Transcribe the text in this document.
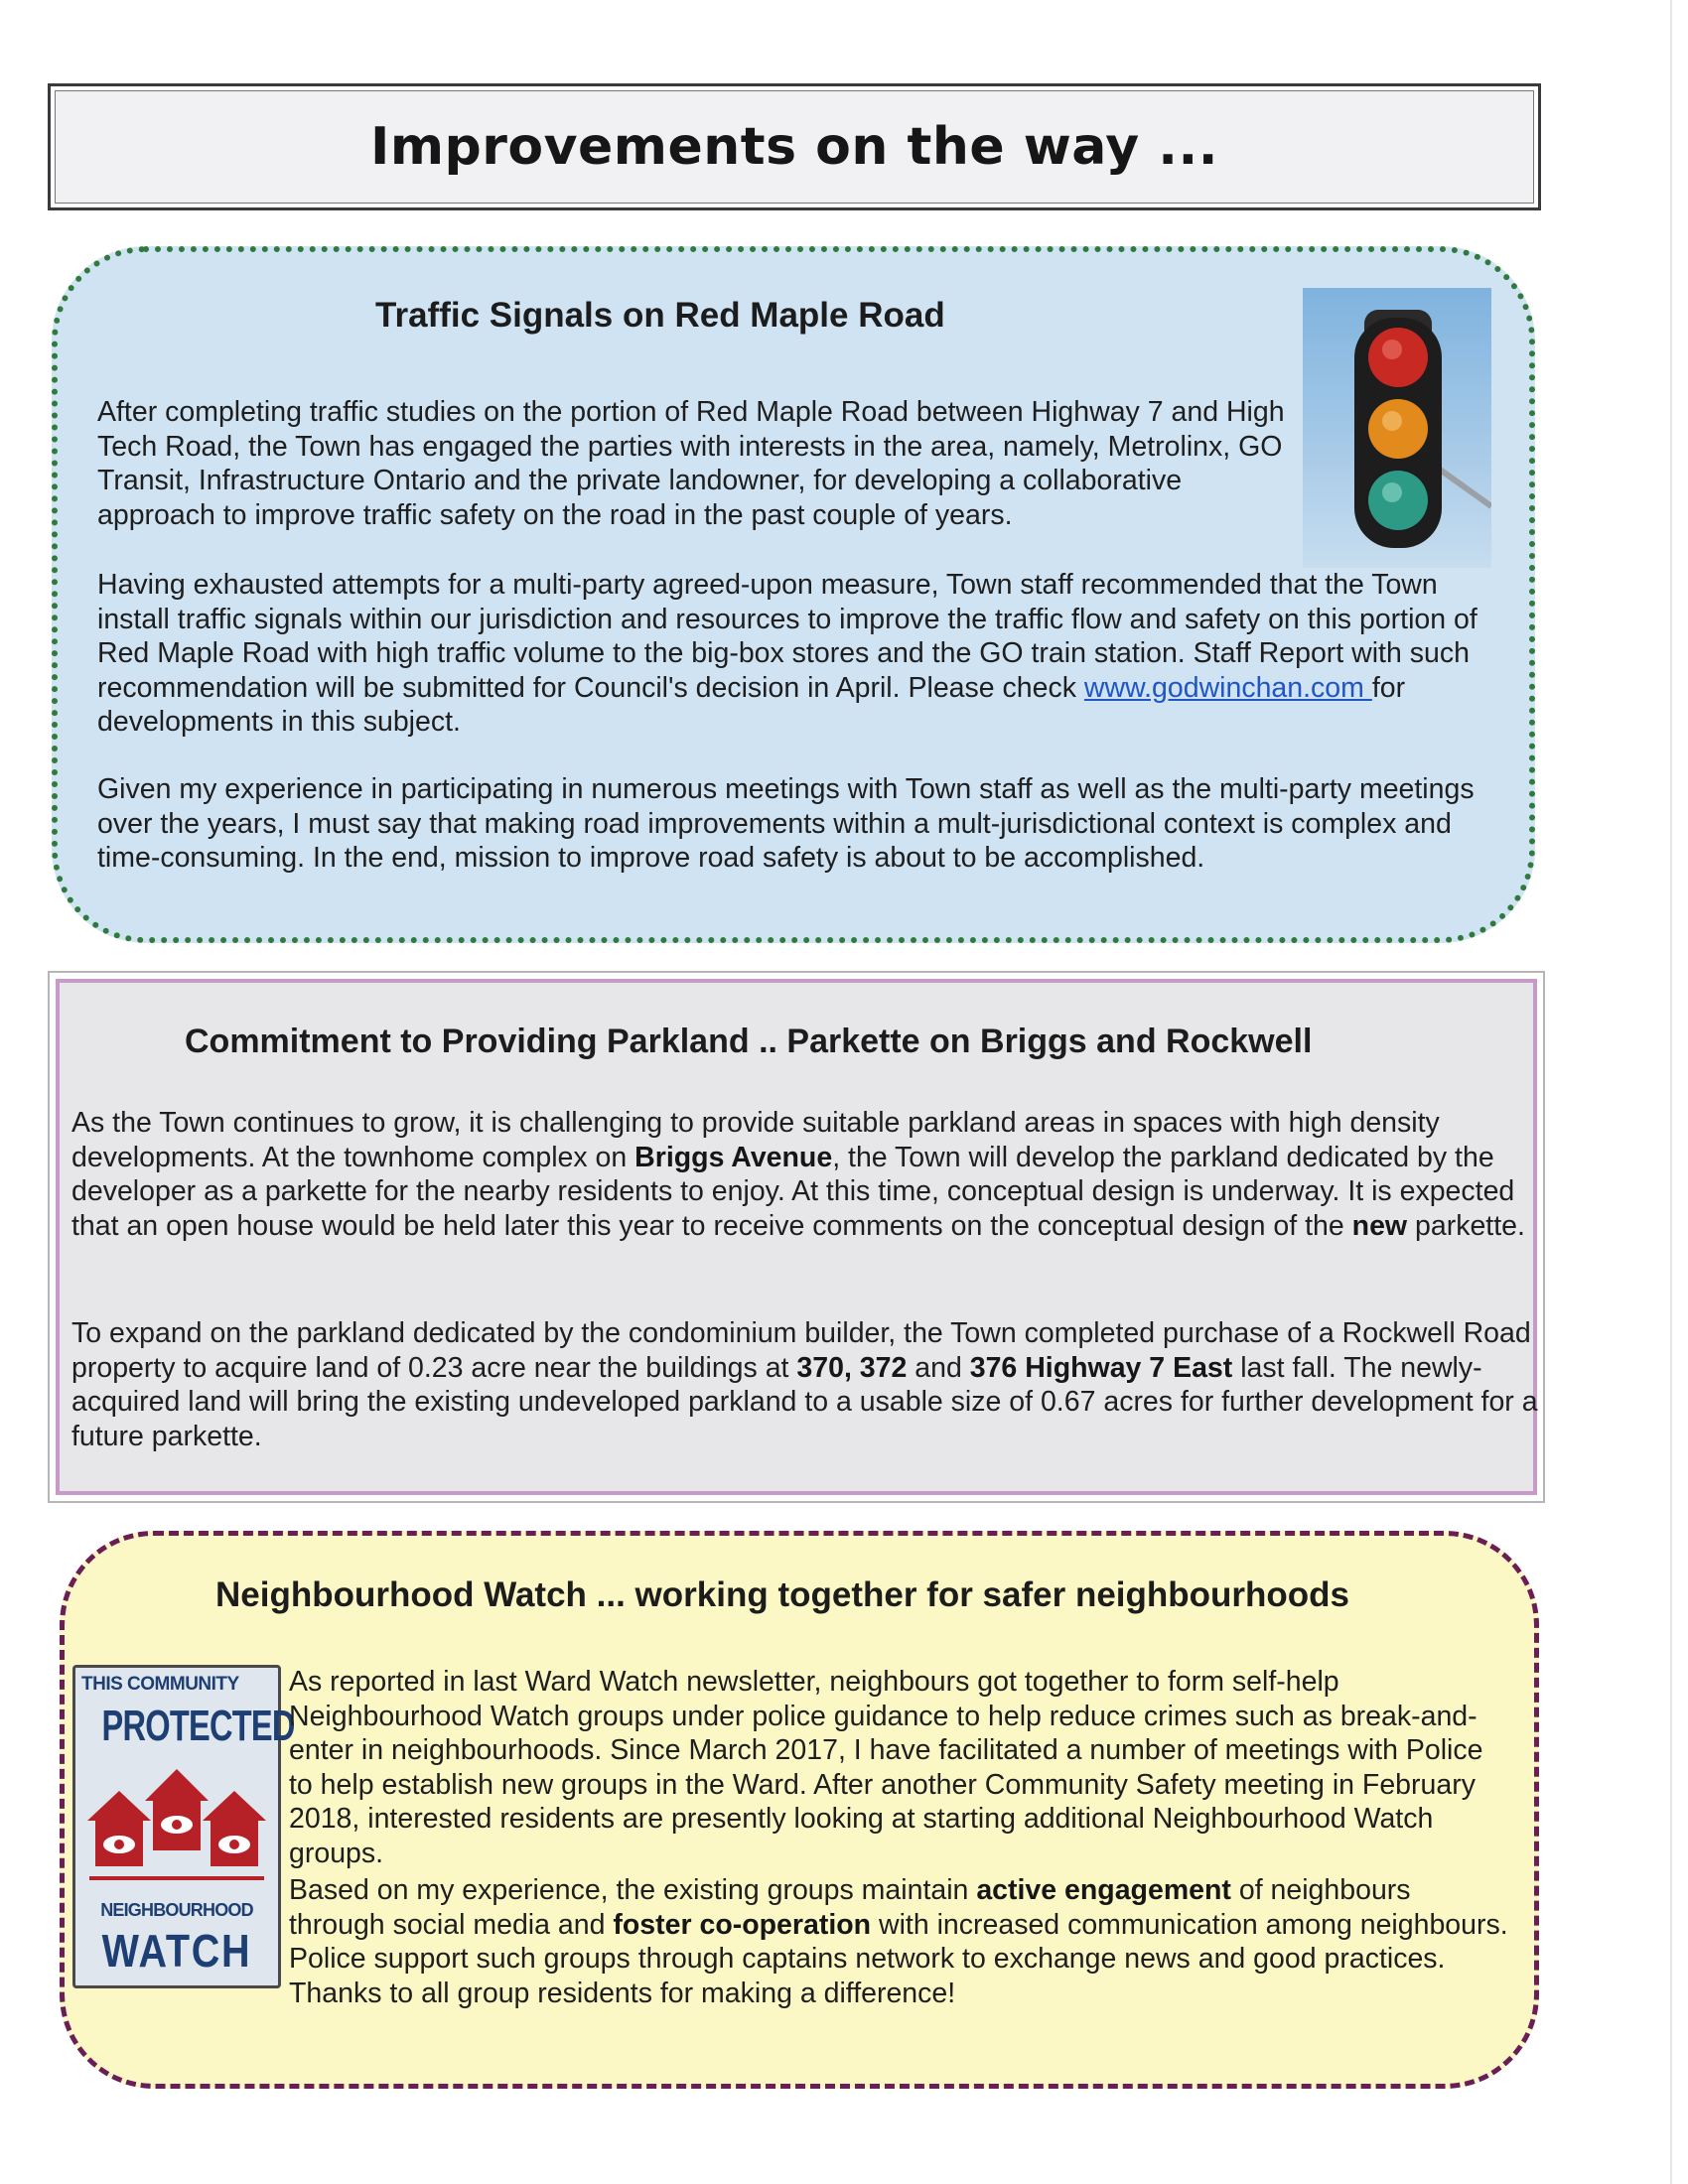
Improvements on the way ...
Traffic Signals on Red Maple Road

After completing traffic studies on the portion of Red Maple Road between Highway 7 and High Tech Road, the Town has engaged the parties with interests in the area, namely, Metrolinx, GO Transit, Infrastructure Ontario and the private landowner, for developing a collaborative approach to improve traffic safety on the road in the past couple of years.

Having exhausted attempts for a multi-party agreed-upon measure, Town staff recommended that the Town install traffic signals within our jurisdiction and resources to improve the traffic flow and safety on this portion of Red Maple Road with high traffic volume to the big-box stores and the GO train station. Staff Report with such recommendation will be submitted for Council's decision in April. Please check www.godwinchan.com for developments in this subject.

Given my experience in participating in numerous meetings with Town staff as well as the multi-party meetings over the years, I must say that making road improvements within a mult-jurisdictional context is complex and time-consuming. In the end, mission to improve road safety is about to be accomplished.

Commitment to Providing Parkland .. Parkette on Briggs and Rockwell

As the Town continues to grow, it is challenging to provide suitable parkland areas in spaces with high density developments. At the townhome complex on Briggs Avenue, the Town will develop the parkland dedicated by the developer as a parkette for the nearby residents to enjoy. At this time, conceptual design is underway. It is expected that an open house would be held later this year to receive comments on the conceptual design of the new parkette.

To expand on the parkland dedicated by the condominium builder, the Town completed purchase of a Rockwell Road property to acquire land of 0.23 acre near the buildings at 370, 372 and 376 Highway 7 East last fall. The newly-acquired land will bring the existing undeveloped parkland to a usable size of 0.67 acres for further development for a future parkette.

Neighbourhood Watch ... working together for safer neighbourhoods
THIS COMMUNITY
PROTECTED
NEIGHBOURHOOD
WATCH

As reported in last Ward Watch newsletter, neighbours got together to form self-help Neighbourhood Watch groups under police guidance to help reduce crimes such as break-and-enter in neighbourhoods. Since March 2017, I have facilitated a number of meetings with Police to help establish new groups in the Ward. After another Community Safety meeting in February 2018, interested residents are presently looking at starting additional Neighbourhood Watch groups.

Based on my experience, the existing groups maintain active engagement of neighbours through social media and foster co-operation with increased communication among neighbours. Police support such groups through captains network to exchange news and good practices. Thanks to all group residents for making a difference!
